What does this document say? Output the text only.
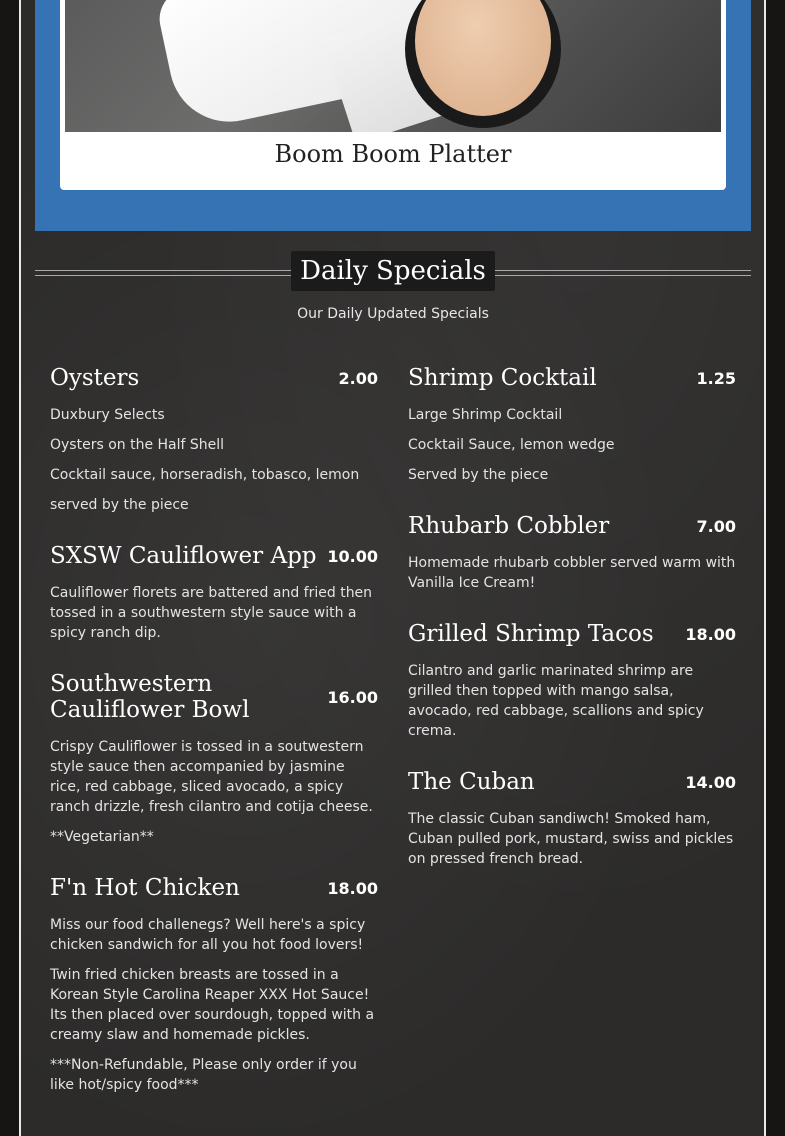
Boom Boom Platter
Daily Specials
Our Daily Updated Specials
Oysters	2.00

Duxbury Selects

Oysters on the Half Shell

Cocktail sauce, horseradish, tobasco, lemon

served by the piece

SXSW Cauliflower App 10.00

Cauliflower florets are battered and fried then tossed in a southwestern style sauce with a spicy ranch dip.

Southwestern Cauliflower Bowl	16.00

Crispy Cauliflower is tossed in a soutwestern style sauce then accompanied by jasmine rice, red cabbage, sliced avocado, a spicy ranch drizzle, fresh cilantro and cotija cheese.

**Vegetarian**

F'n Hot Chicken	18.00

Miss our food challenegs? Well here's a spicy chicken sandwich for all you hot food lovers!

Twin fried chicken breasts are tossed in a Korean Style Carolina Reaper XXX Hot Sauce! Its then placed over sourdough, topped with a creamy slaw and homemade pickles.

***Non-Refundable, Please only order if you like hot/spicy food***

Shrimp Cocktail	1.25

Large Shrimp Cocktail

Cocktail Sauce, lemon wedge

Served by the piece

Rhubarb Cobbler	7.00

Homemade rhubarb cobbler served warm with Vanilla Ice Cream!

Grilled Shrimp Tacos 18.00

Cilantro and garlic marinated shrimp are grilled then topped with mango salsa, avocado, red cabbage, scallions and spicy crema.

The Cuban	14.00

The classic Cuban sandiwch! Smoked ham, Cuban pulled pork, mustard, swiss and pickles on pressed french bread.
